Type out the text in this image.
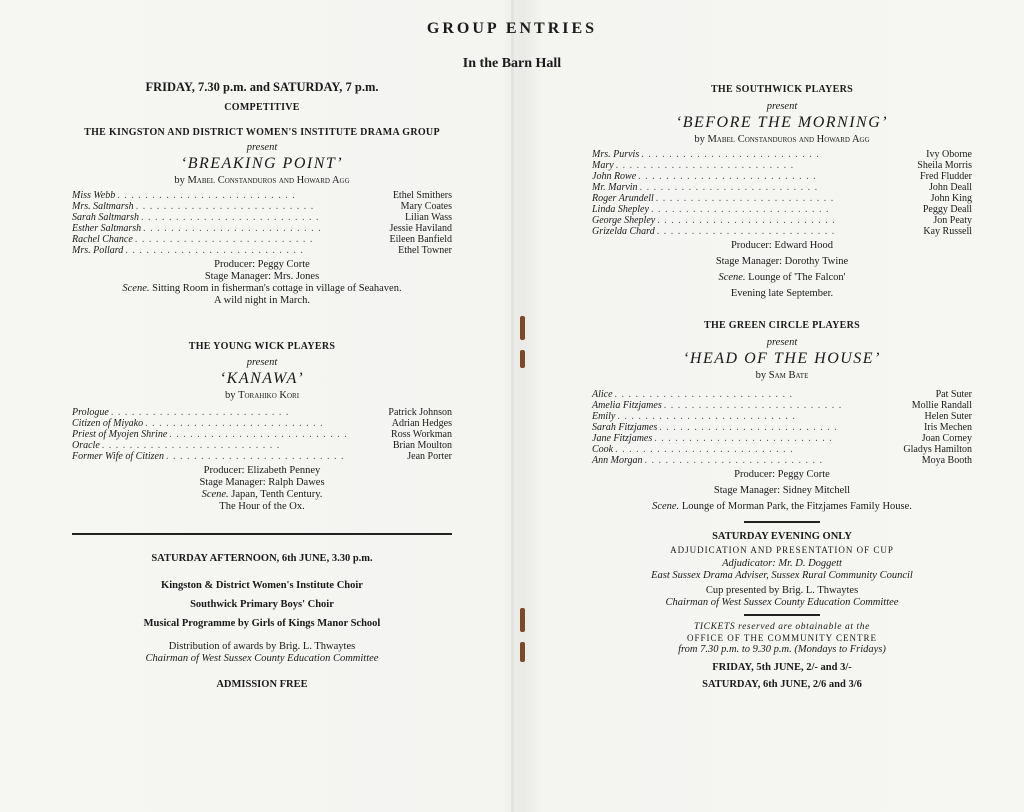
GROUP ENTRIES
In the Barn Hall
FRIDAY, 7.30 p.m. and SATURDAY, 7 p.m.
COMPETITIVE
THE KINGSTON AND DISTRICT WOMEN'S INSTITUTE DRAMA GROUP
present
‘BREAKING POINT’
by Mabel Constanduros and Howard Agg
Miss Webb . . . . . . . . . . . . . . . . . . . . . . . . . .	Ethel Smithers
Mrs. Saltmarsh . . . . . . . . . . . . . . . . . . . . . . . . . .	Mary Coates
Sarah Saltmarsh . . . . . . . . . . . . . . . . . . . . . . . . . .	Lilian Wass
Esther Saltmarsh . . . . . . . . . . . . . . . . . . . . . . . . . .	Jessie Haviland
Rachel Chance . . . . . . . . . . . . . . . . . . . . . . . . . .	Eileen Banfield
Mrs. Pollard . . . . . . . . . . . . . . . . . . . . . . . . . .	Ethel Towner
Producer: Peggy Corte
Stage Manager: Mrs. Jones
Scene. Sitting Room in fisherman's cottage in village of Seahaven.
A wild night in March.
THE YOUNG WICK PLAYERS
present
‘KANAWA’
by Torahiko Kori
Prologue . . . . . . . . . . . . . . . . . . . . . . . . . .	Patrick Johnson
Citizen of Miyako . . . . . . . . . . . . . . . . . . . . . . . . . .	Adrian Hedges
Priest of Myojen Shrine . . . . . . . . . . . . . . . . . . . . . . . . . .	Ross Workman
Oracle . . . . . . . . . . . . . . . . . . . . . . . . . .	Brian Moulton
Former Wife of Citizen . . . . . . . . . . . . . . . . . . . . . . . . . .	Jean Porter
Producer: Elizabeth Penney
Stage Manager: Ralph Dawes
Scene. Japan, Tenth Century.
The Hour of the Ox.
SATURDAY AFTERNOON, 6th JUNE, 3.30 p.m.
Kingston & District Women's Institute Choir
Southwick Primary Boys' Choir
Musical Programme by Girls of Kings Manor School
Distribution of awards by Brig. L. Thwaytes
Chairman of West Sussex County Education Committee
ADMISSION FREE
THE SOUTHWICK PLAYERS
present
‘BEFORE THE MORNING’
by Mabel Constanduros and Howard Agg
Mrs. Purvis . . . . . . . . . . . . . . . . . . . . . . . . . .	Ivy Oborne
Mary . . . . . . . . . . . . . . . . . . . . . . . . . .	Sheila Morris
John Rowe . . . . . . . . . . . . . . . . . . . . . . . . . .	Fred Fludder
Mr. Marvin . . . . . . . . . . . . . . . . . . . . . . . . . .	John Deall
Roger Arundell . . . . . . . . . . . . . . . . . . . . . . . . . .	John King
Linda Shepley . . . . . . . . . . . . . . . . . . . . . . . . . .	Peggy Deall
George Shepley . . . . . . . . . . . . . . . . . . . . . . . . . .	Jon Peaty
Grizelda Chard . . . . . . . . . . . . . . . . . . . . . . . . . .	Kay Russell
Producer: Edward Hood
Stage Manager: Dorothy Twine
Scene. Lounge of 'The Falcon'
Evening late September.
THE GREEN CIRCLE PLAYERS
present
‘HEAD OF THE HOUSE’
by Sam Bate
Alice . . . . . . . . . . . . . . . . . . . . . . . . . .	Pat Suter
Amelia Fitzjames . . . . . . . . . . . . . . . . . . . . . . . . . .	Mollie Randall
Emily . . . . . . . . . . . . . . . . . . . . . . . . . .	Helen Suter
Sarah Fitzjames . . . . . . . . . . . . . . . . . . . . . . . . . .	Iris Mechen
Jane Fitzjames . . . . . . . . . . . . . . . . . . . . . . . . . .	Joan Corney
Cook . . . . . . . . . . . . . . . . . . . . . . . . . .	Gladys Hamilton
Ann Morgan . . . . . . . . . . . . . . . . . . . . . . . . . .	Moya Booth
Producer: Peggy Corte
Stage Manager: Sidney Mitchell
Scene. Lounge of Morman Park, the Fitzjames Family House.
SATURDAY EVENING ONLY
ADJUDICATION AND PRESENTATION OF CUP
Adjudicator: Mr. D. Doggett
East Sussex Drama Adviser, Sussex Rural Community Council
Cup presented by Brig. L. Thwaytes
Chairman of West Sussex County Education Committee
TICKETS reserved are obtainable at the
OFFICE OF THE COMMUNITY CENTRE
from 7.30 p.m. to 9.30 p.m. (Mondays to Fridays)
FRIDAY, 5th JUNE, 2/- and 3/-
SATURDAY, 6th JUNE, 2/6 and 3/6
